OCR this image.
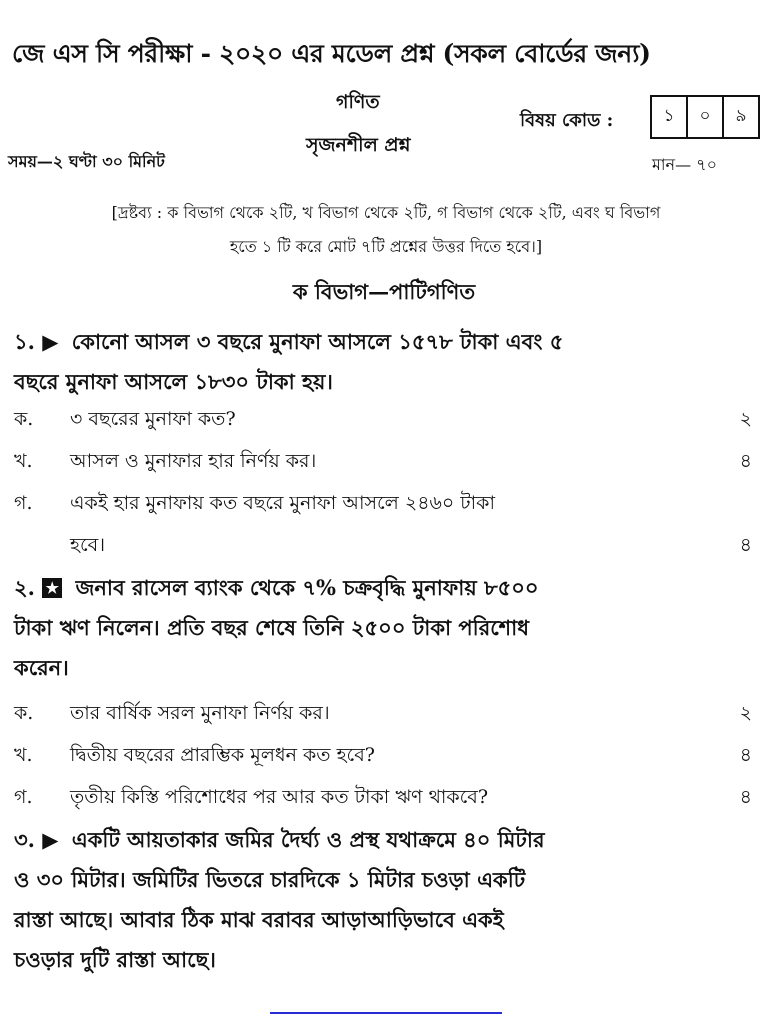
জে এস সি পরীক্ষা - ২০২০ এর মডেল প্রশ্ন (সকল বোর্ডের জন্য)
গণিত
বিষয় কোড :	১	০	৯
সৃজনশীল প্রশ্ন
সময়—২ ঘণ্টা ৩০ মিনিট	মান— ৭০
[দ্রষ্টব্য : ক বিভাগ থেকে ২টি, খ বিভাগ থেকে ২টি, গ বিভাগ থেকে ২টি, এবং ঘ বিভাগ
হতে ১ টি করে মোট ৭টি প্রশ্নের উত্তর দিতে হবে।]
ক বিভাগ—পাটিগণিত
১. ▶ কোনো আসল ৩ বছরে মুনাফা আসলে ১৫৭৮ টাকা এবং ৫
বছরে মুনাফা আসলে ১৮৩০ টাকা হয়।
ক.	৩ বছরের মুনাফা কত?	২
খ.	আসল ও মুনাফার হার নির্ণয় কর।	৪
গ.	একই হার মুনাফায় কত বছরে মুনাফা আসলে ২৪৬০ টাকা
হবে।	৪
২. ★ জনাব রাসেল ব্যাংক থেকে ৭% চক্রবৃদ্ধি মুনাফায় ৮৫০০
টাকা ঋণ নিলেন। প্রতি বছর শেষে তিনি ২৫০০ টাকা পরিশোধ
করেন।
ক.	তার বার্ষিক সরল মুনাফা নির্ণয় কর।	২
খ.	দ্বিতীয় বছরের প্রারম্ভিক মূলধন কত হবে?	৪
গ.	তৃতীয় কিস্তি পরিশোধের পর আর কত টাকা ঋণ থাকবে?	৪
৩. ▶ একটি আয়তাকার জমির দৈর্ঘ্য ও প্রস্থ যথাক্রমে ৪০ মিটার
ও ৩০ মিটার। জমিটির ভিতরে চারদিকে ১ মিটার চওড়া একটি
রাস্তা আছে। আবার ঠিক মাঝ বরাবর আড়াআড়িভাবে একই
চওড়ার দুটি রাস্তা আছে।
